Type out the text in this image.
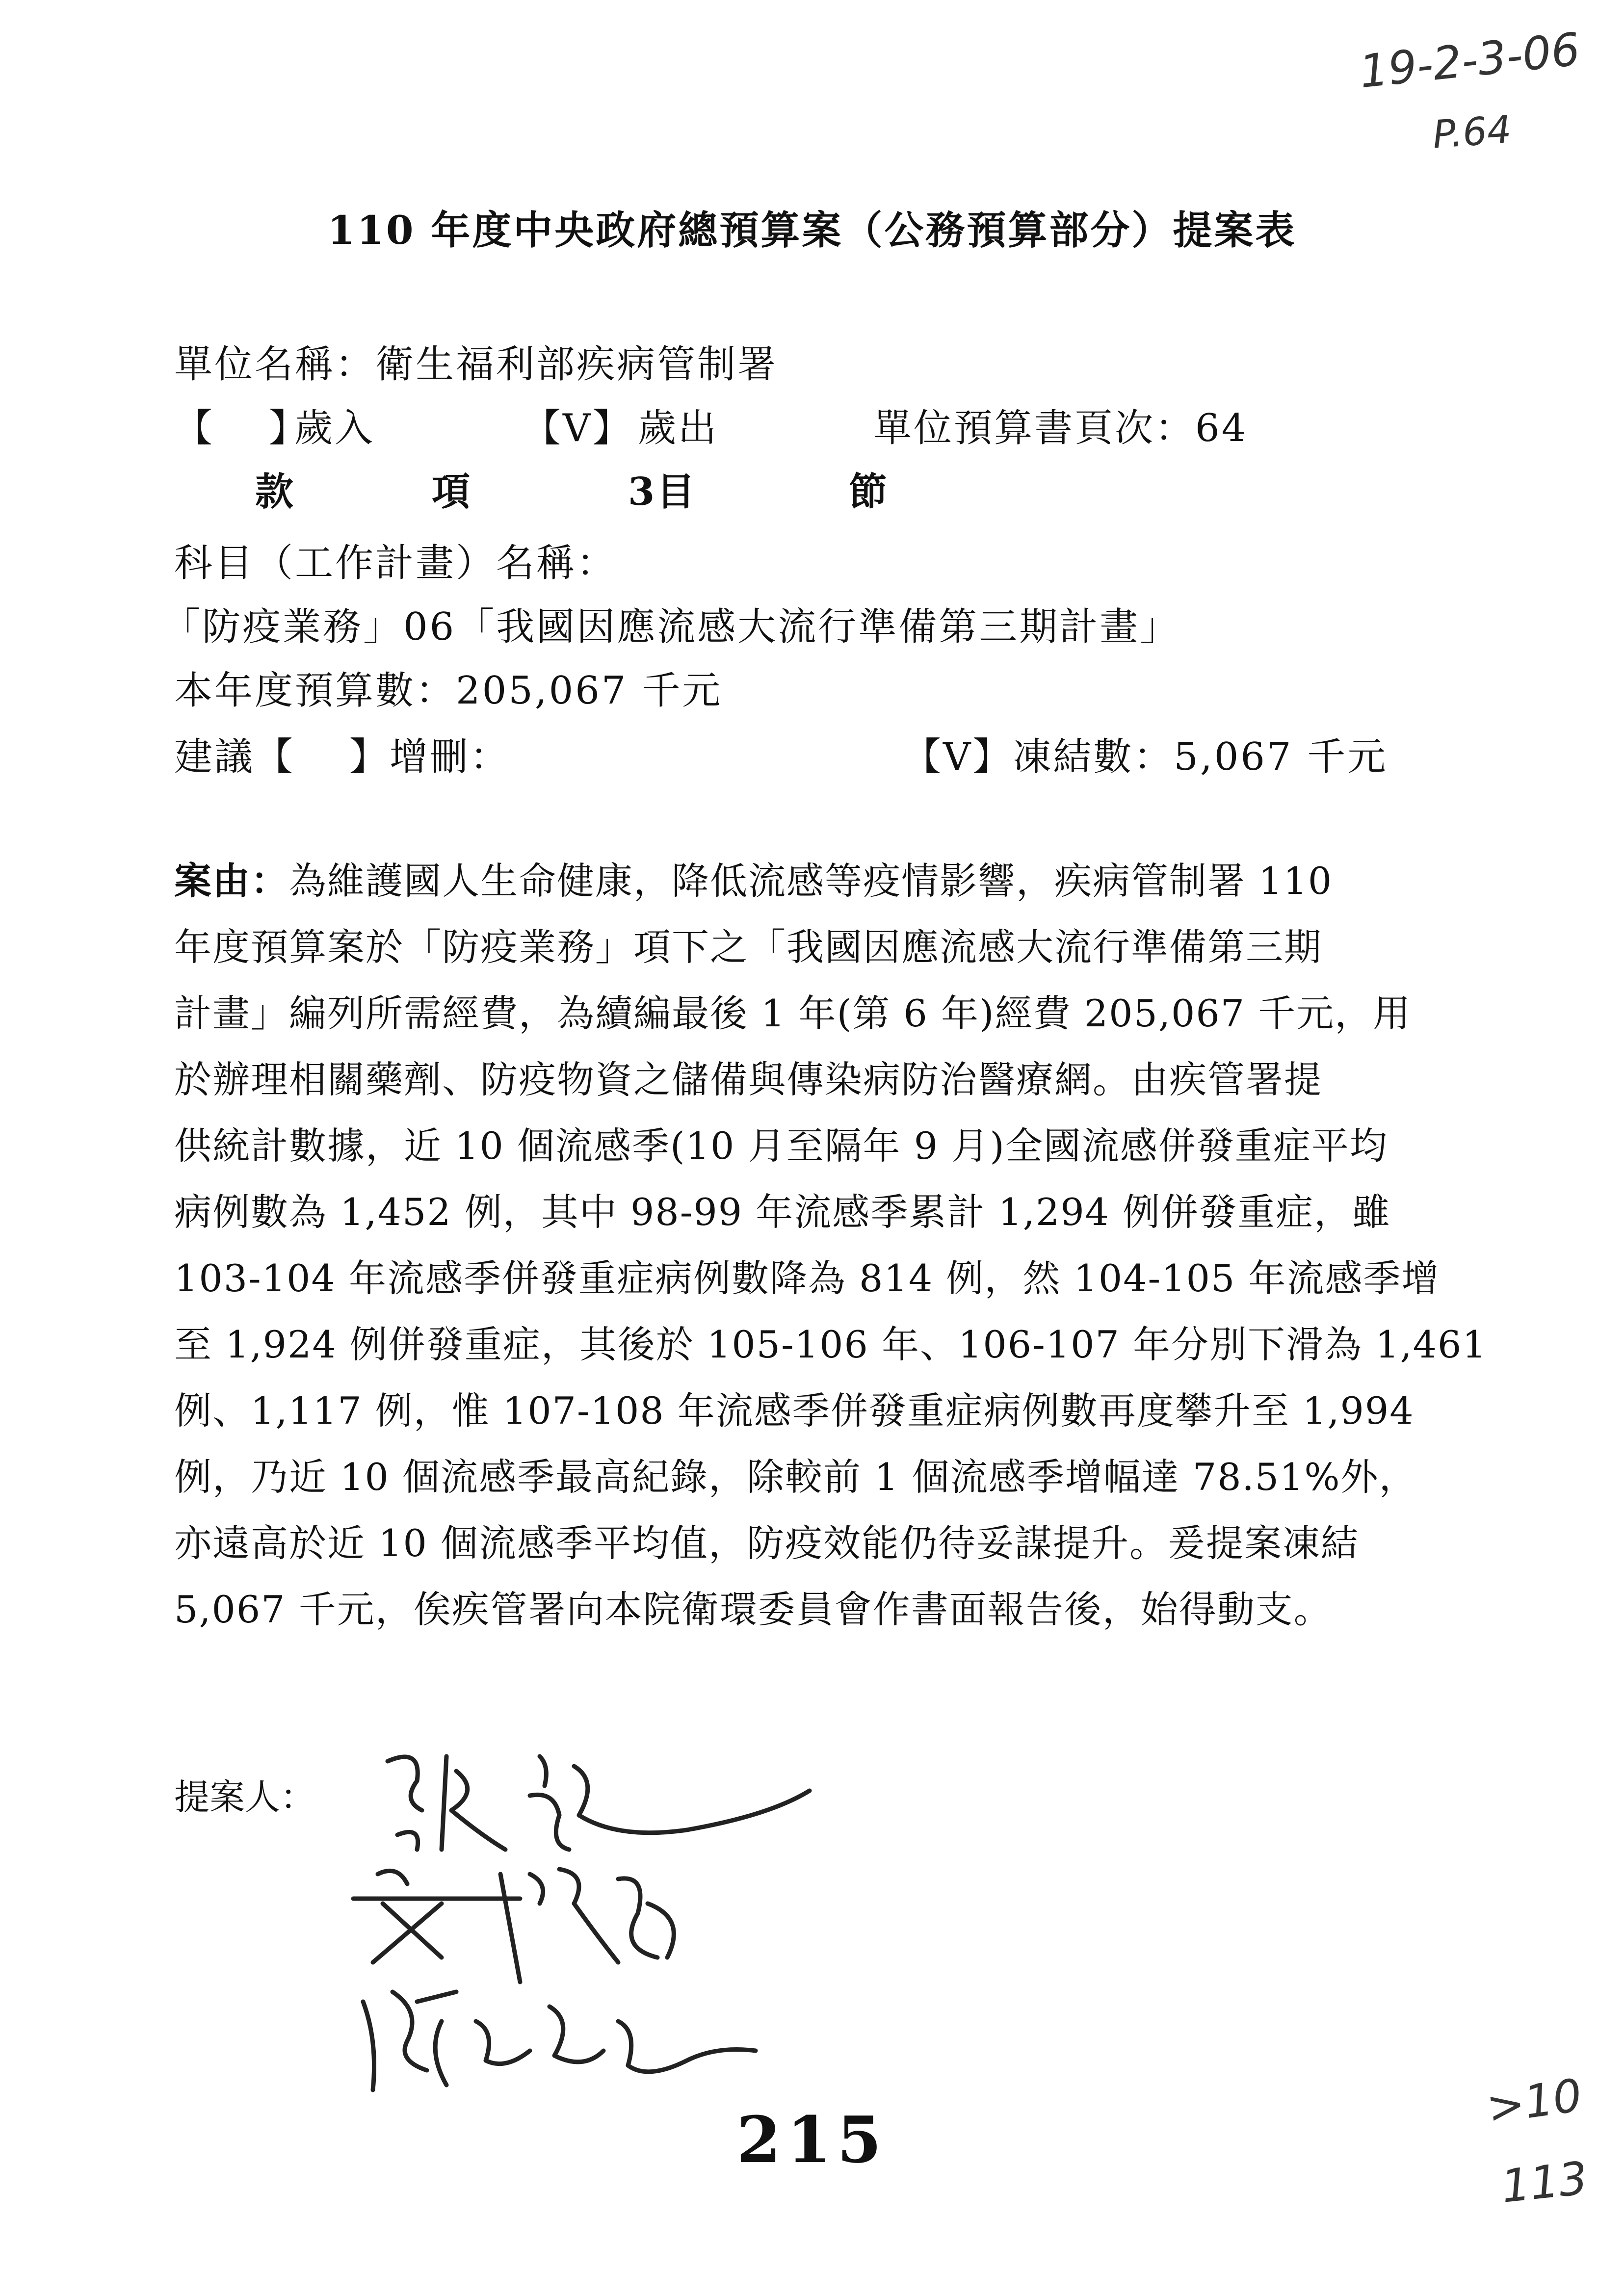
19-2-3-06
P.64
110 年度中央政府總預算案（公務預算部分）提案表
單位名稱：衛生福利部疾病管制署
【 　】
歲入	【V】 歲出	單位預算書頁次：64
款	項	3目	節
科目（工作計畫）名稱：
「防疫業務」06「我國因應流感大流行準備第三期計畫」
本年度預算數：205,067 千元
建議【 　】增刪：	【V】凍結數：5,067 千元
案由：為維護國人生命健康，降低流感等疫情影響，疾病管制署 110
年度預算案於「防疫業務」項下之「我國因應流感大流行準備第三期
計畫」編列所需經費，為續編最後 1 年(第 6 年)經費 205,067 千元，用
於辦理相關藥劑、防疫物資之儲備與傳染病防治醫療網。由疾管署提
供統計數據，近 10 個流感季(10 月至隔年 9 月)全國流感併發重症平均
病例數為 1,452 例，其中 98-99 年流感季累計 1,294 例併發重症，雖
103-104 年流感季併發重症病例數降為 814 例，然 104-105 年流感季增
至 1,924 例併發重症，其後於 105-106 年、106-107 年分別下滑為 1,461
例、1,117 例，惟 107-108 年流感季併發重症病例數再度攀升至 1,994
例，乃近 10 個流感季最高紀錄，除較前 1 個流感季增幅達 78.51%外，
亦遠高於近 10 個流感季平均值，防疫效能仍待妥謀提升。爰提案凍結
5,067 千元，俟疾管署向本院衛環委員會作書面報告後，始得動支。
提案人：
215
>10
113
